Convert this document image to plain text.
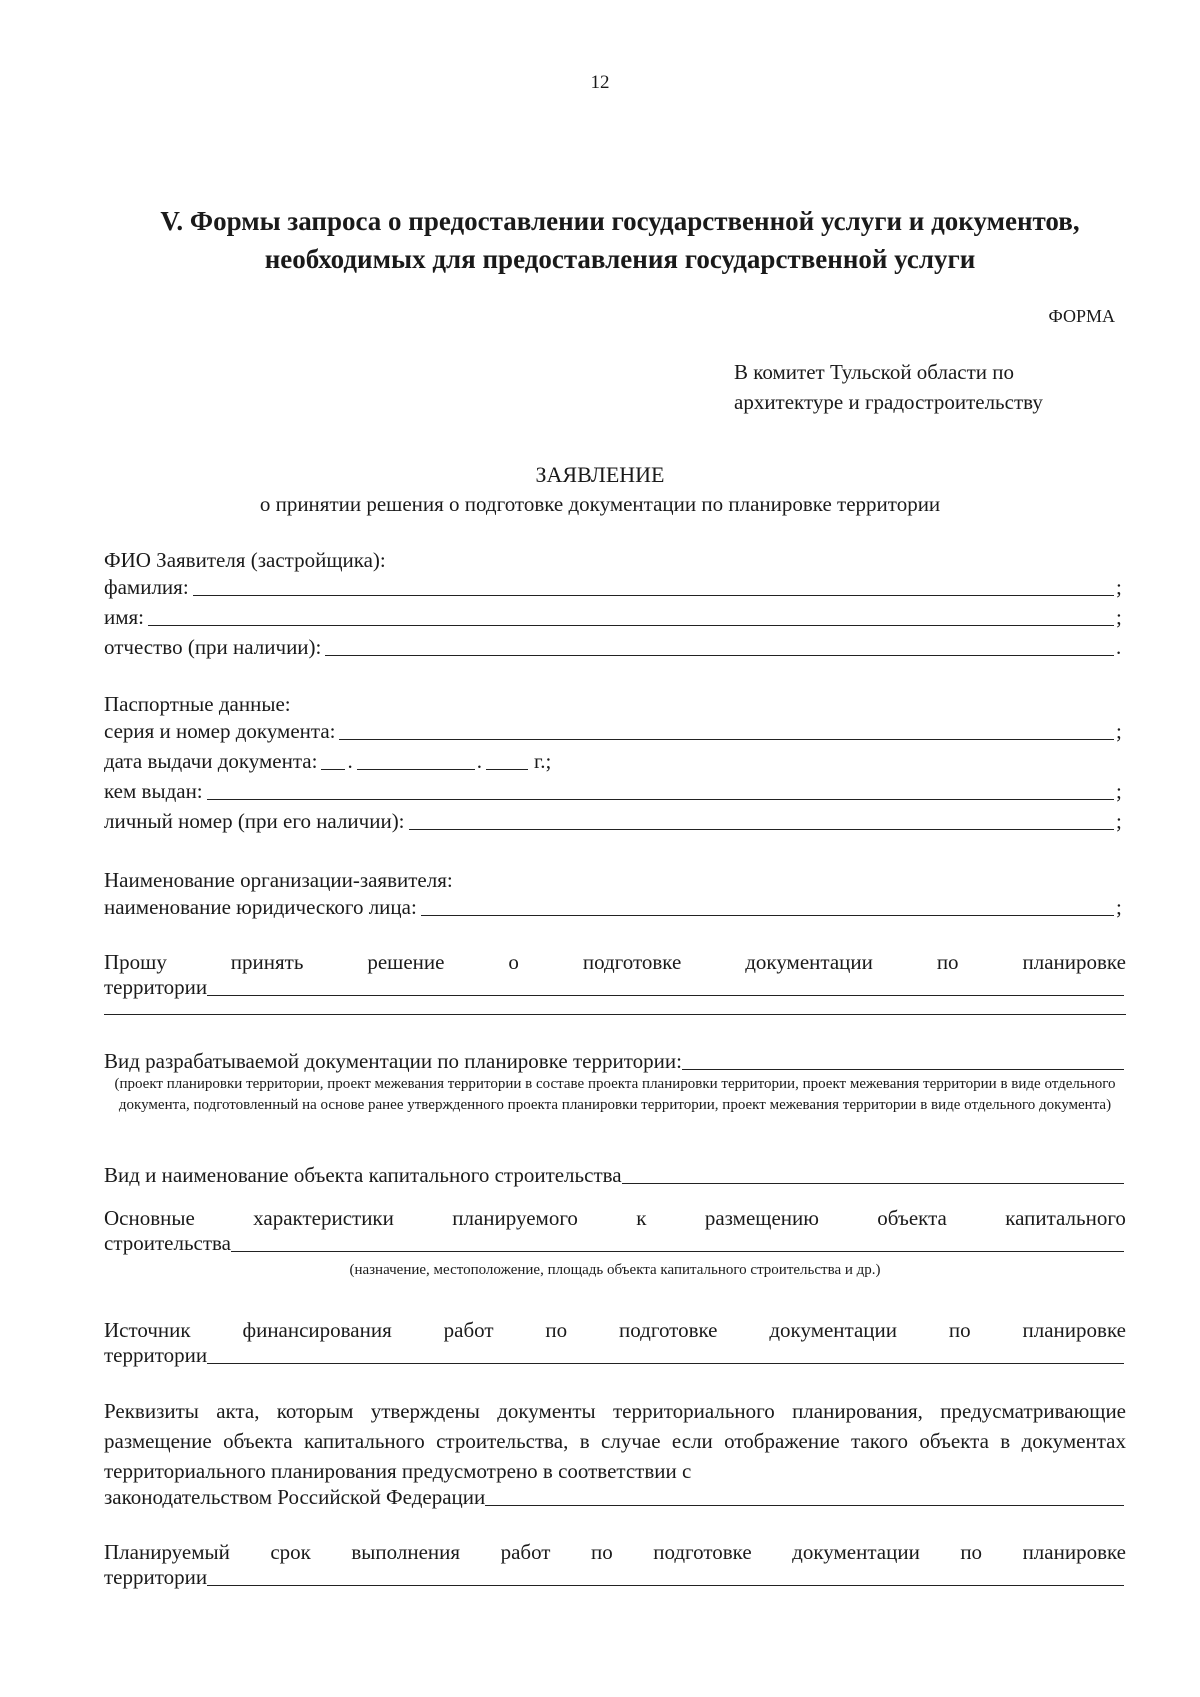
12
V. Формы запроса о предоставлении государственной услуги и документов,
необходимых для предоставления государственной услуги
ФОРМА
В комитет Тульской области по
архитектуре и градостроительству
ЗАЯВЛЕНИЕ
о принятии решения о подготовке документации по планировке территории
ФИО Заявителя (застройщика):
фамилия:	;
имя:	;
отчество (при наличии):	.
Паспортные данные:
серия и номер документа:	;
дата выдачи документа: .	. г.;
кем выдан:	;
личный номер (при его наличии):	;
Наименование организации-заявителя:
наименование юридического лица:	;
Прошу	принять	решение	о	подготовке	документации	по	планировке
территории
Вид разрабатываемой документации по планировке территории:
(проект планировки территории, проект межевания территории в составе проекта планировки территории, проект межевания территории в виде отдельного документа, подготовленный на основе ранее утвержденного проекта планировки территории, проект межевания территории в виде отдельного документа)
Вид и наименование объекта капитального строительства
Основные	характеристики	планируемого	к	размещению	объекта	капитального
строительства
(назначение, местоположение, площадь объекта капитального строительства и др.)
Источник финансирования работ по подготовке документации по планировке
территории
Реквизиты акта, которым утверждены документы территориального планирования, предусматривающие размещение объекта капитального строительства, в случае если отображение такого объекта в документах территориального планирования предусмотрено в соответствии с
законодательством Российской Федерации
Планируемый срок выполнения работ по подготовке документации по планировке
территории
